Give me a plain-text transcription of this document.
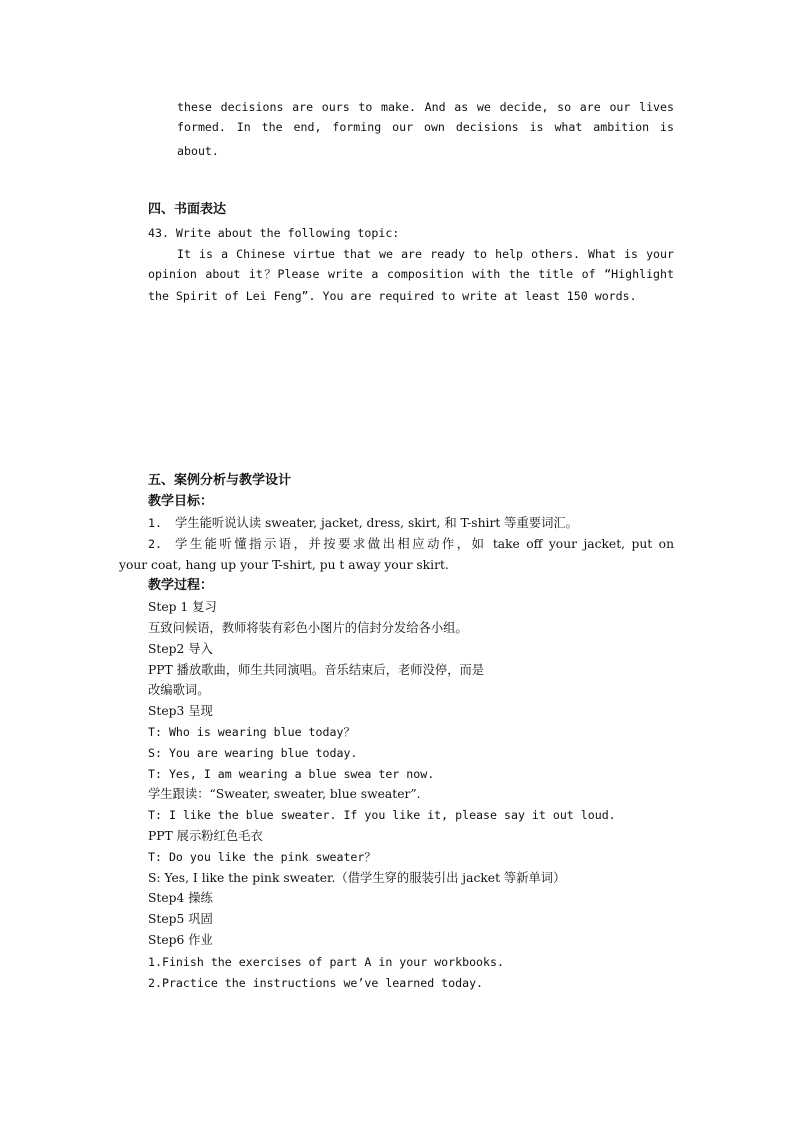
these decisions are ours to make. And as we decide, so are our lives
formed. In the end, forming our own decisions is what ambition is
about.
四、书面表达
43. Write about the following topic:
It is a Chinese virtue that we are ready to help others. What is your
opinion about it？Please write a composition with the title of “Highlight
the Spirit of Lei Feng”. You are required to write at least 150 words.
五、案例分析与教学设计
教学目标：
1. 学生能听说认读 sweater, jacket, dress, skirt, 和 T-shirt 等重要词汇。
2. 学生能听懂指示语，并按要求做出相应动作，如 take off your jacket, put on
your coat, hang up your T-shirt, pu t away your skirt.
教学过程：
Step 1 复习
互致问候语，教师将装有彩色小图片的信封分发给各小组。
Step2 导入
PPT 播放歌曲，师生共同演唱。音乐结束后，老师没停，而是
改编歌词。
Step3 呈现
T: Who is wearing blue today？
S: You are wearing blue today.
T: Yes, I am wearing a blue swea ter now.
学生跟读：“Sweater, sweater, blue sweater”.
T: I like the blue sweater. If you like it, please say it out loud.
PPT 展示粉红色毛衣
T: Do you like the pink sweater？
S: Yes, I like the pink sweater.（借学生穿的服装引出 jacket 等新单词）
Step4 操练
Step5 巩固
Step6 作业
1.Finish the exercises of part A in your workbooks.
2.Practice the instructions we’ve learned today.
